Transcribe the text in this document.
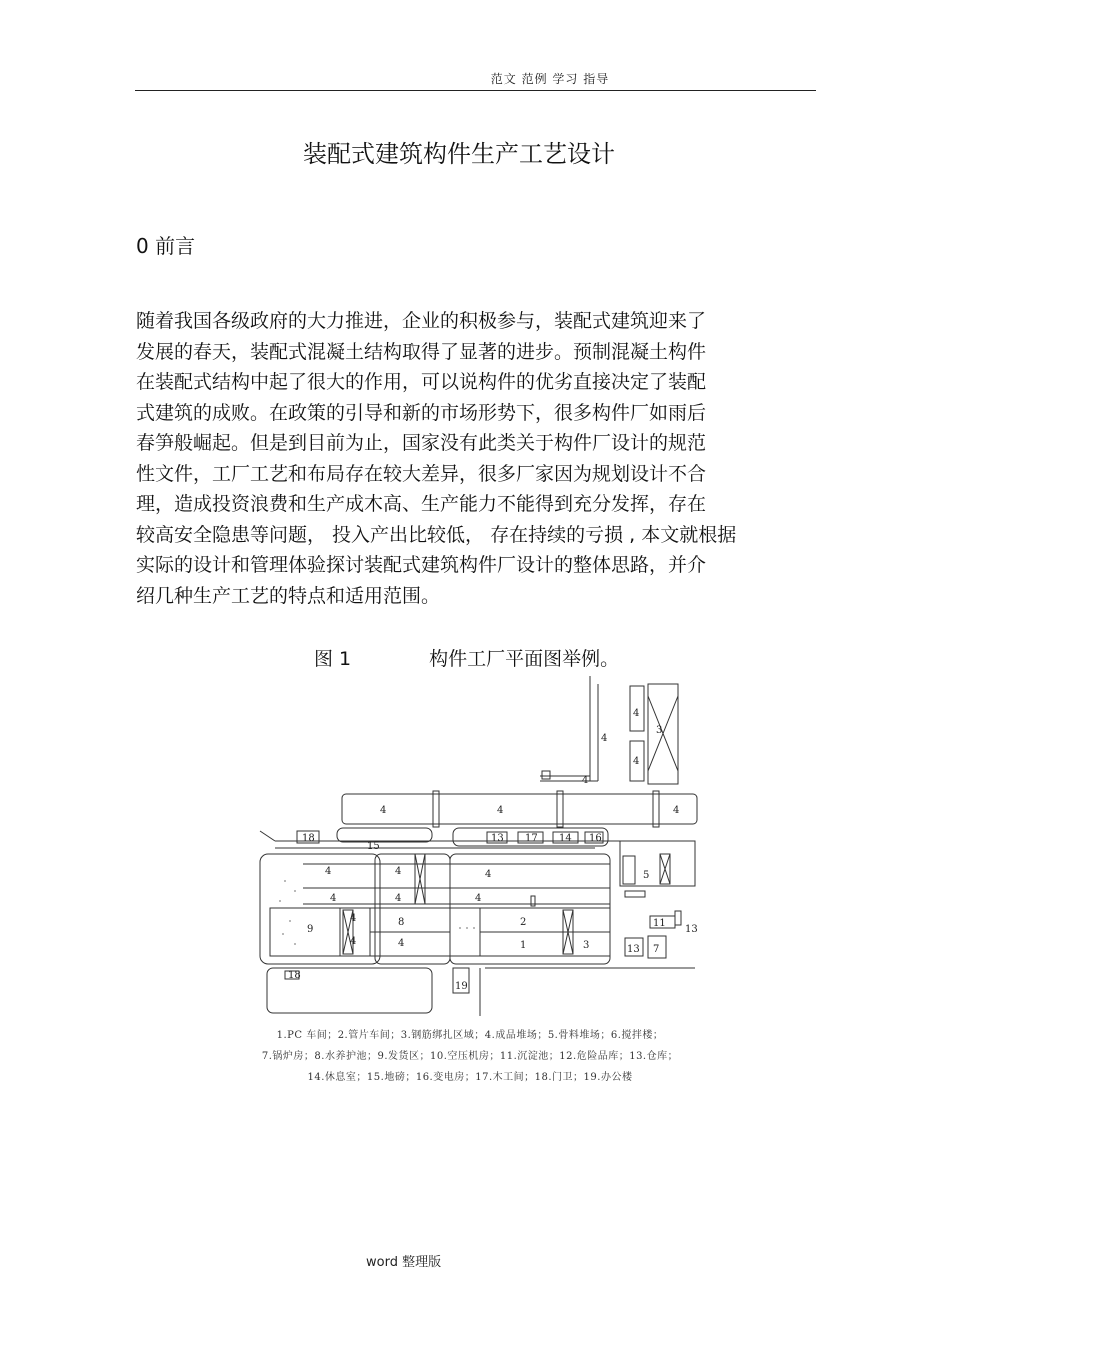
范文 范例 学习 指导
装配式建筑构件生产工艺设计
0 前言
随着我国各级政府的大力推进，企业的积极参与，装配式建筑迎来了
发展的春天，装配式混凝土结构取得了显著的进步。预制混凝土构件
在装配式结构中起了很大的作用，可以说构件的优劣直接决定了装配
式建筑的成败。在政策的引导和新的市场形势下，很多构件厂如雨后
春笋般崛起。但是到目前为止，国家没有此类关于构件厂设计的规范
性文件，工厂工艺和布局存在较大差异，很多厂家因为规划设计不合
理，造成投资浪费和生产成木高、生产能力不能得到充分发挥，存在
较高安全隐患等问题， 投入产出比较低， 存在持续的亏损 , 本文就根据
实际的设计和管理体验探讨装配式建筑构件厂设计的整体思路，并介
绍几种生产工艺的特点和适用范围。
图 1	构件工厂平面图举例。
4
3
4
4
4
4	4	4
18
15
13 17 14 16
4	4	4	5
4	4	4
4
9
8	2	11
13
4	4	1	3	13 7
18
19
1.PC 车间；2.管片车间；3.钢筋绑扎区域；4.成品堆场；5.骨料堆场；6.搅拌楼；
7.锅炉房；8.水养护池；9.发货区；10.空压机房；11.沉淀池；12.危险品库；13.仓库；
14.休息室；15.地磅；16.变电房；17.木工间；18.门卫；19.办公楼
word 整理版
